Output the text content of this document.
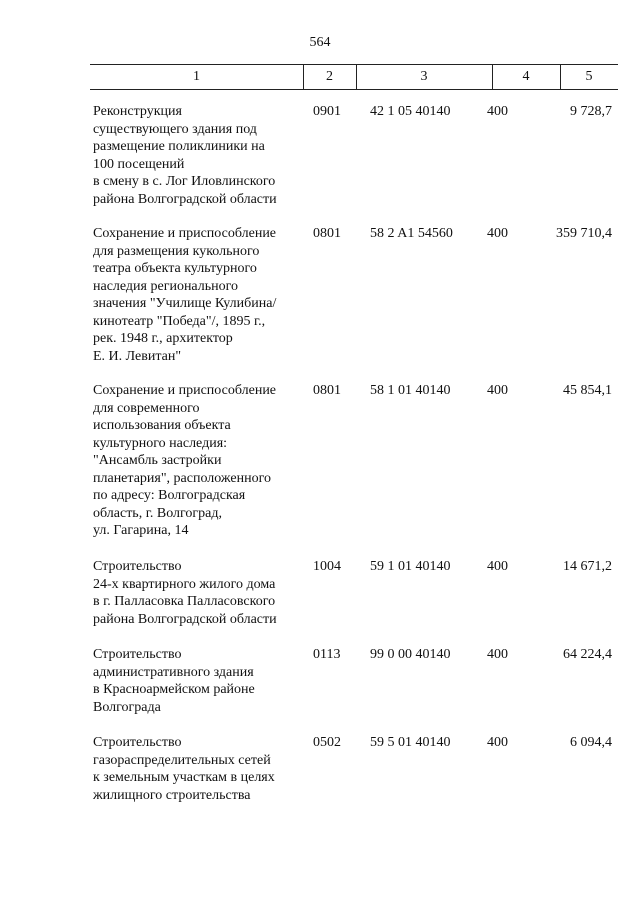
564
1	2	3	4	5
Реконструкция
существующего здания под
размещение поликлиники на
100 посещений
в смену в с. Лог Иловлинского
района Волгоградской области
0901	42 1 05 40140	400	9 728,7
Сохранение и приспособление
для размещения кукольного
театра объекта культурного
наследия регионального
значения "Училище Кулибина/
кинотеатр "Победа"/, 1895 г.,
рек. 1948 г., архитектор
Е. И. Левитан"
0801	58 2 A1 54560	400	359 710,4
Сохранение и приспособление
для современного
использования объекта
культурного наследия:
"Ансамбль застройки
планетария", расположенного
по адресу: Волгоградская
область, г. Волгоград,
ул. Гагарина, 14
0801	58 1 01 40140	400	45 854,1
Строительство
24-х квартирного жилого дома
в г. Палласовка Палласовского
района Волгоградской области
1004	59 1 01 40140	400	14 671,2
Строительство
административного здания
в Красноармейском районе
Волгограда
0113	99 0 00 40140	400	64 224,4
Строительство
газораспределительных сетей
к земельным участкам в целях
жилищного строительства
0502	59 5 01 40140	400	6 094,4
